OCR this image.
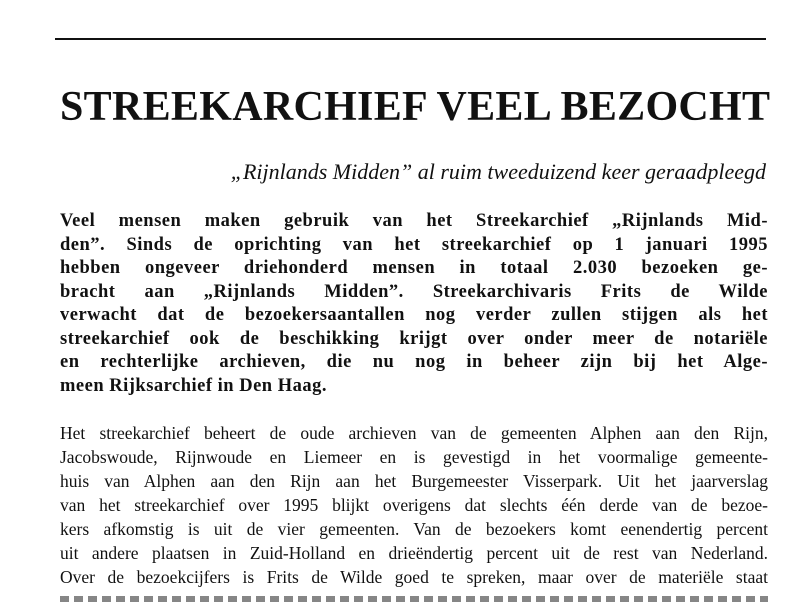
STREEKARCHIEF VEEL BEZOCHT

„Rijnlands Midden” al ruim tweeduizend keer geraadpleegd

Veel mensen maken gebruik van het Streekarchief „Rijnlands Mid-
den”. Sinds de oprichting van het streekarchief op 1 januari 1995
hebben ongeveer driehonderd mensen in totaal 2.030 bezoeken ge-
bracht aan „Rijnlands Midden”. Streekarchivaris Frits de Wilde
verwacht dat de bezoekersaantallen nog verder zullen stijgen als het
streekarchief ook de beschikking krijgt over onder meer de notariële
en rechterlijke archieven, die nu nog in beheer zijn bij het Alge-
meen Rijksarchief in Den Haag.

Het streekarchief beheert de oude archieven van de gemeenten Alphen aan den Rijn,
Jacobswoude, Rijnwoude en Liemeer en is gevestigd in het voormalige gemeente-
huis van Alphen aan den Rijn aan het Burgemeester Visserpark. Uit het jaarverslag
van het streekarchief over 1995 blijkt overigens dat slechts één derde van de bezoe-
kers afkomstig is uit de vier gemeenten. Van de bezoekers komt eenendertig percent
uit andere plaatsen in Zuid-Holland en drieëndertig percent uit de rest van Nederland.
Over de bezoekcijfers is Frits de Wilde goed te spreken, maar over de materiële staat
